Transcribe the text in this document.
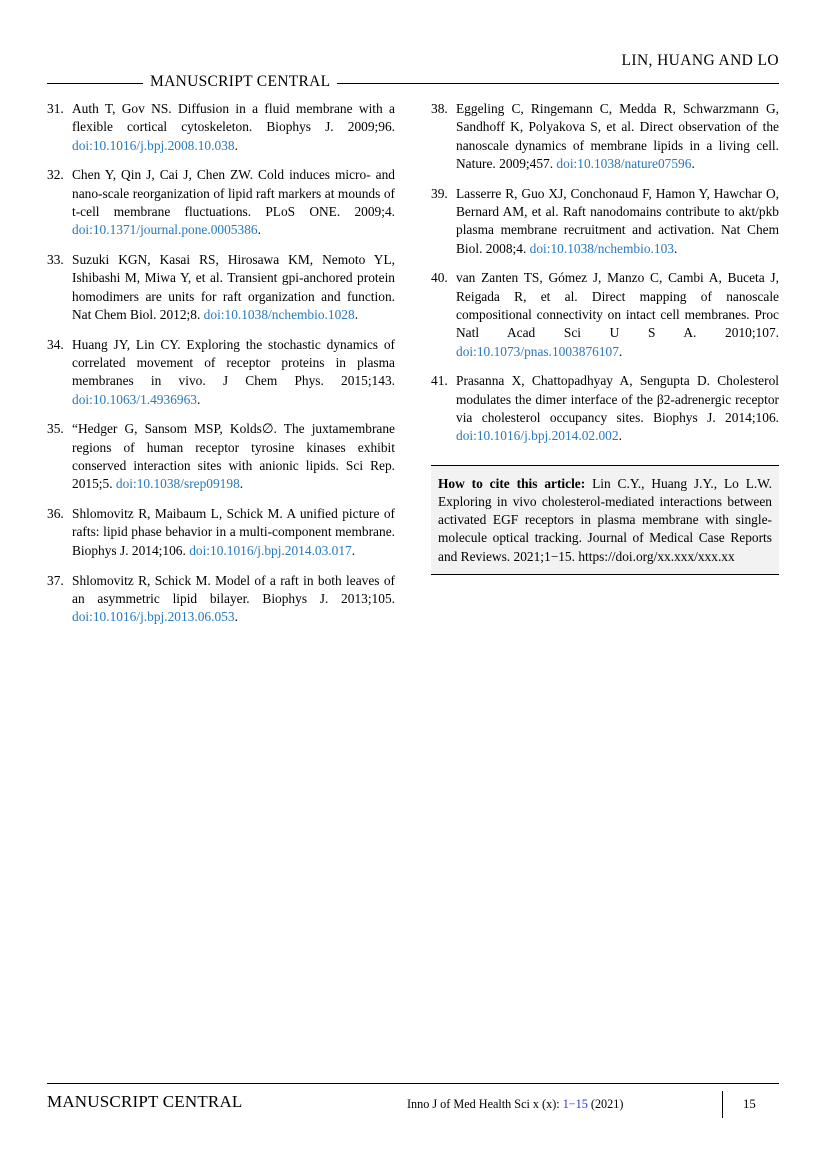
LIN, HUANG AND LO
MANUSCRIPT CENTRAL
31. Auth T, Gov NS. Diffusion in a fluid membrane with a flexible cortical cytoskeleton. Biophys J. 2009;96. doi:10.1016/j.bpj.2008.10.038.
32. Chen Y, Qin J, Cai J, Chen ZW. Cold induces micro- and nano-scale reorganization of lipid raft markers at mounds of t-cell membrane fluctuations. PLoS ONE. 2009;4. doi:10.1371/journal.pone.0005386.
33. Suzuki KGN, Kasai RS, Hirosawa KM, Nemoto YL, Ishibashi M, Miwa Y, et al. Transient gpi-anchored protein homodimers are units for raft organization and function. Nat Chem Biol. 2012;8. doi:10.1038/nchembio.1028.
34. Huang JY, Lin CY. Exploring the stochastic dynamics of correlated movement of receptor proteins in plasma membranes in vivo. J Chem Phys. 2015;143. doi:10.1063/1.4936963.
35. “Hedger G, Sansom MSP, Kolds∅. The juxtamembrane regions of human receptor tyrosine kinases exhibit conserved interaction sites with anionic lipids. Sci Rep. 2015;5. doi:10.1038/srep09198.
36. Shlomovitz R, Maibaum L, Schick M. A unified picture of rafts: lipid phase behavior in a multi-component membrane. Biophys J. 2014;106. doi:10.1016/j.bpj.2014.03.017.
37. Shlomovitz R, Schick M. Model of a raft in both leaves of an asymmetric lipid bilayer. Biophys J. 2013;105. doi:10.1016/j.bpj.2013.06.053.
38. Eggeling C, Ringemann C, Medda R, Schwarzmann G, Sandhoff K, Polyakova S, et al. Direct observation of the nanoscale dynamics of membrane lipids in a living cell. Nature. 2009;457. doi:10.1038/nature07596.
39. Lasserre R, Guo XJ, Conchonaud F, Hamon Y, Hawchar O, Bernard AM, et al. Raft nanodomains contribute to akt/pkb plasma membrane recruitment and activation. Nat Chem Biol. 2008;4. doi:10.1038/nchembio.103.
40. van Zanten TS, Gómez J, Manzo C, Cambi A, Buceta J, Reigada R, et al. Direct mapping of nanoscale compositional connectivity on intact cell membranes. Proc Natl Acad Sci U S A. 2010;107. doi:10.1073/pnas.1003876107.
41. Prasanna X, Chattopadhyay A, Sengupta D. Cholesterol modulates the dimer interface of the β2-adrenergic receptor via cholesterol occupancy sites. Biophys J. 2014;106. doi:10.1016/j.bpj.2014.02.002.
How to cite this article: Lin C.Y., Huang J.Y., Lo L.W. Exploring in vivo cholesterol-mediated interactions between activated EGF receptors in plasma membrane with single-molecule optical tracking. Journal of Medical Case Reports and Reviews. 2021;1−15. https://doi.org/xx.xxx/xxx.xx
MANUSCRIPT CENTRAL	Inno J of Med Health Sci x (x): 1−15 (2021)	15
